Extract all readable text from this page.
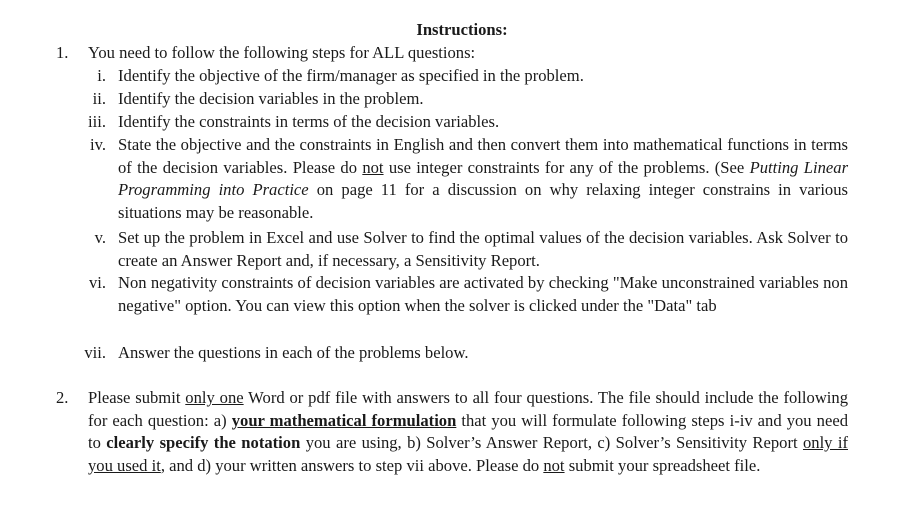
Instructions:
1. You need to follow the following steps for ALL questions:
i. Identify the objective of the firm/manager as specified in the problem.
ii. Identify the decision variables in the problem.
iii. Identify the constraints in terms of the decision variables.
iv. State the objective and the constraints in English and then convert them into mathematical functions in terms of the decision variables. Please do not use integer constraints for any of the problems. (See Putting Linear Programming into Practice on page 11 for a discussion on why relaxing integer constrains in various situations may be reasonable.
v. Set up the problem in Excel and use Solver to find the optimal values of the decision variables. Ask Solver to create an Answer Report and, if necessary, a Sensitivity Report.
vi. Non negativity constraints of decision variables are activated by checking "Make unconstrained variables non negative" option. You can view this option when the solver is clicked under the "Data" tab
vii. Answer the questions in each of the problems below.
2. Please submit only one Word or pdf file with answers to all four questions. The file should include the following for each question: a) your mathematical formulation that you will formulate following steps i-iv and you need to clearly specify the notation you are using, b) Solver’s Answer Report, c) Solver’s Sensitivity Report only if you used it, and d) your written answers to step vii above. Please do not submit your spreadsheet file.
